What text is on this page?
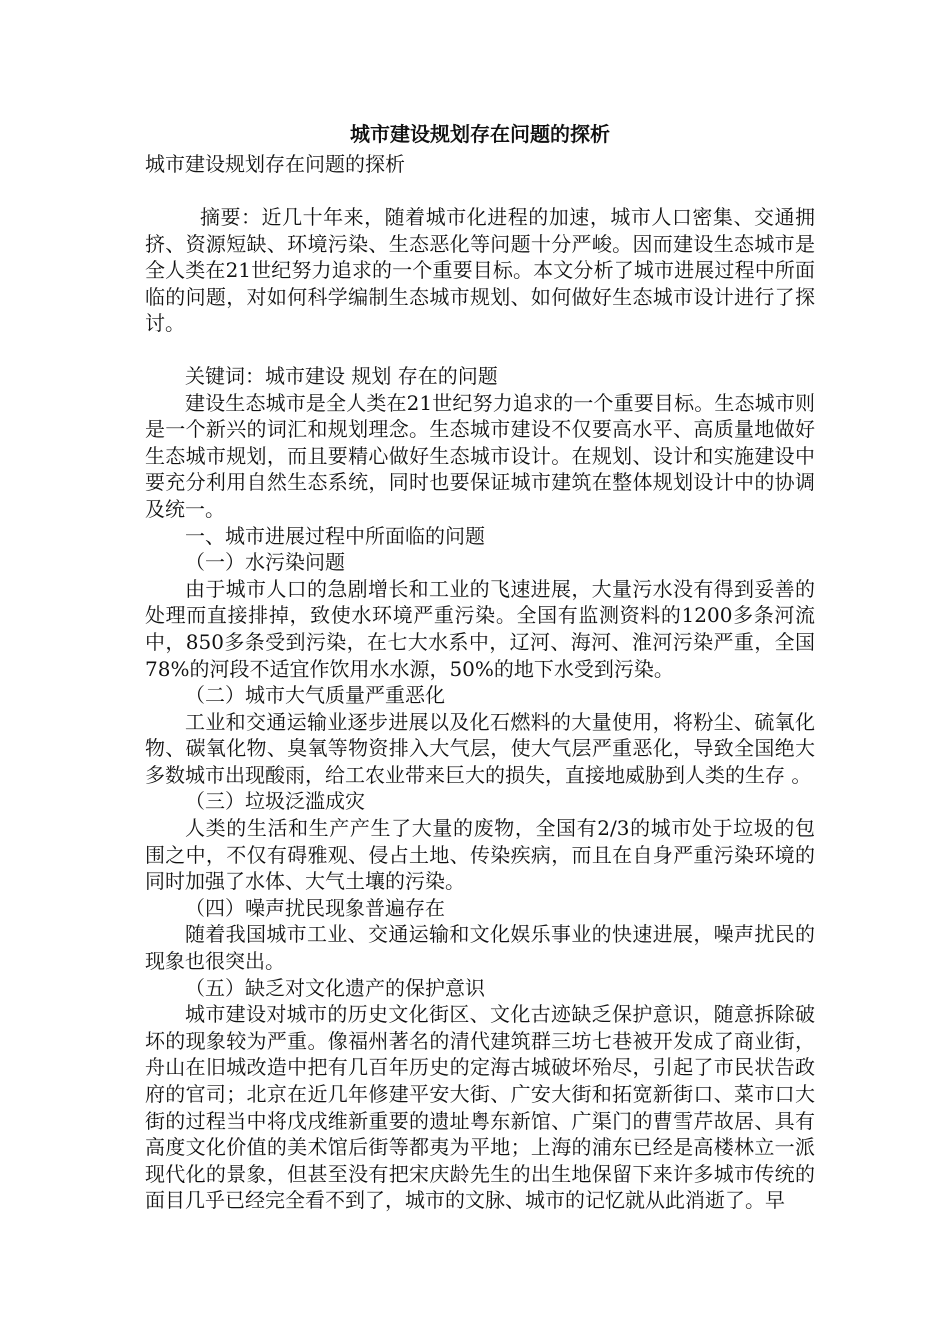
城市建设规划存在问题的探析

城市建设规划存在问题的探析

摘要：近几十年来，随着城市化进程的加速，城市人口密集、交通拥挤、资源短缺、环境污染、生态恶化等问题十分严峻。因而建设生态城市是全人类在21世纪努力追求的一个重要目标。本文分析了城市进展过程中所面临的问题，对如何科学编制生态城市规划、如何做好生态城市设计进行了探讨。

关键词：城市建设 规划 存在的问题

建设生态城市是全人类在21世纪努力追求的一个重要目标。生态城市则是一个新兴的词汇和规划理念。生态城市建设不仅要高水平、高质量地做好生态城市规划，而且要精心做好生态城市设计。在规划、设计和实施建设中要充分利用自然生态系统，同时也要保证城市建筑在整体规划设计中的协调及统一。

一、城市进展过程中所面临的问题

（一）水污染问题

由于城市人口的急剧增长和工业的飞速进展，大量污水没有得到妥善的处理而直接排掉，致使水环境严重污染。全国有监测资料的1200多条河流中，850多条受到污染，在七大水系中，辽河、海河、淮河污染严重，全国78%的河段不适宜作饮用水水源，50%的地下水受到污染。

（二）城市大气质量严重恶化

工业和交通运输业逐步进展以及化石燃料的大量使用，将粉尘、硫氧化物、碳氧化物、臭氧等物资排入大气层，使大气层严重恶化，导致全国绝大多数城市出现酸雨，给工农业带来巨大的损失，直接地威胁到人类的生存 。

（三）垃圾泛滥成灾

人类的生活和生产产生了大量的废物，全国有2/3的城市处于垃圾的包围之中，不仅有碍雅观、侵占土地、传染疾病，而且在自身严重污染环境的同时加强了水体、大气土壤的污染。

（四）噪声扰民现象普遍存在

随着我国城市工业、交通运输和文化娱乐事业的快速进展，噪声扰民的现象也很突出。

（五）缺乏对文化遗产的保护意识

城市建设对城市的历史文化街区、文化古迹缺乏保护意识，随意拆除破坏的现象较为严重。像福州著名的清代建筑群三坊七巷被开发成了商业街，舟山在旧城改造中把有几百年历史的定海古城破坏殆尽，引起了市民状告政府的官司；北京在近几年修建平安大街、广安大街和拓宽新街口、菜市口大街的过程当中将戊戌维新重要的遗址粤东新馆、广渠门的曹雪芹故居、具有高度文化价值的美术馆后街等都夷为平地；上海的浦东已经是高楼林立一派现代化的景象，但甚至没有把宋庆龄先生的出生地保留下来许多城市传统的面目几乎已经完全看不到了，城市的文脉、城市的记忆就从此消逝了。早
